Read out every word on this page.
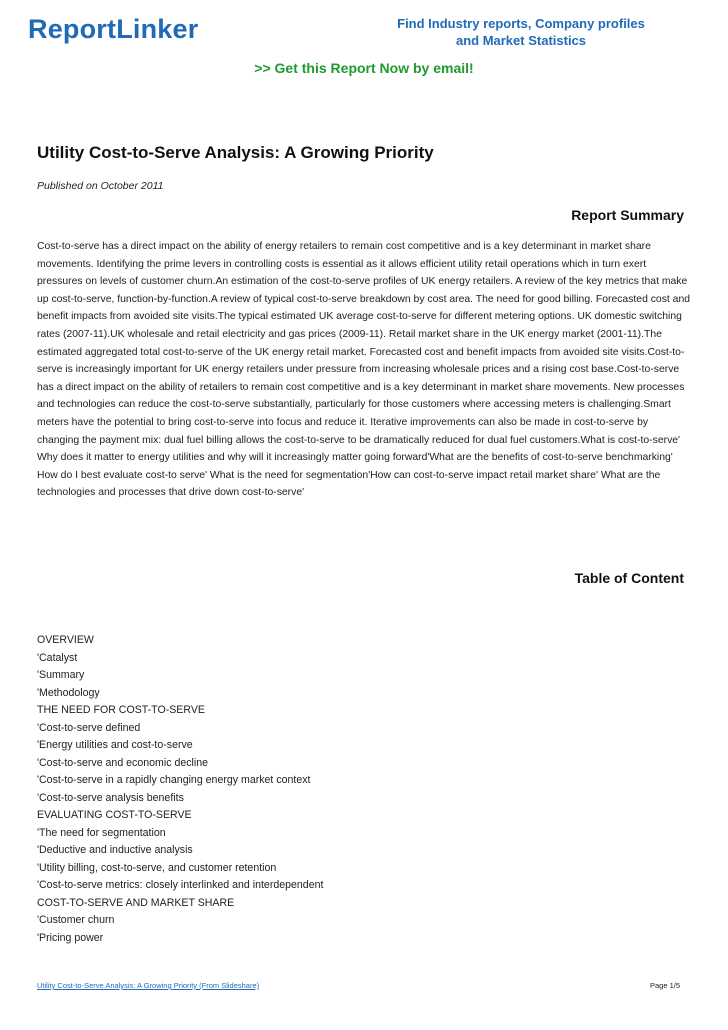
ReportLinker	Find Industry reports, Company profiles
and Market Statistics
>> Get this Report Now by email!
Utility Cost-to-Serve Analysis: A Growing Priority
Published on October 2011
Report Summary

Cost-to-serve has a direct impact on the ability of energy retailers to remain cost competitive and is a key determinant in market share movements. Identifying the prime levers in controlling costs is essential as it allows efficient utility retail operations which in turn exert pressures on levels of customer churn.An estimation of the cost-to-serve profiles of UK energy retailers. A review of the key metrics that make up cost-to-serve, function-by-function.A review of typical cost-to-serve breakdown by cost area. The need for good billing. Forecasted cost and benefit impacts from avoided site visits.The typical estimated UK average cost-to-serve for different metering options. UK domestic switching rates (2007-11).UK wholesale and retail electricity and gas prices (2009-11). Retail market share in the UK energy market (2001-11).The estimated aggregated total cost-to-serve of the UK energy retail market. Forecasted cost and benefit impacts from avoided site visits.Cost-to-serve is increasingly important for UK energy retailers under pressure from increasing wholesale prices and a rising cost base.Cost-to-serve has a direct impact on the ability of retailers to remain cost competitive and is a key determinant in market share movements. New processes and technologies can reduce the cost-to-serve substantially, particularly for those customers where accessing meters is challenging.Smart meters have the potential to bring cost-to-serve into focus and reduce it. Iterative improvements can also be made in cost-to-serve by changing the payment mix: dual fuel billing allows the cost-to-serve to be dramatically reduced for dual fuel customers.What is cost-to-serve' Why does it matter to energy utilities and why will it increasingly matter going forward'What are the benefits of cost-to-serve benchmarking' How do I best evaluate cost-to serve' What is the need for segmentation'How can cost-to-serve impact retail market share' What are the technologies and processes that drive down cost-to-serve'

Table of Content
OVERVIEW
'Catalyst
'Summary
'Methodology
THE NEED FOR COST-TO-SERVE
'Cost-to-serve defined
'Energy utilities and cost-to-serve
'Cost-to-serve and economic decline
'Cost-to-serve in a rapidly changing energy market context
'Cost-to-serve analysis benefits
EVALUATING COST-TO-SERVE
'The need for segmentation
'Deductive and inductive analysis
'Utility billing, cost-to-serve, and customer retention
'Cost-to-serve metrics: closely interlinked and interdependent
COST-TO-SERVE AND MARKET SHARE
'Customer churn
'Pricing power
Utility Cost-to-Serve Analysis: A Growing Priority (From Slideshare)	Page 1/5
